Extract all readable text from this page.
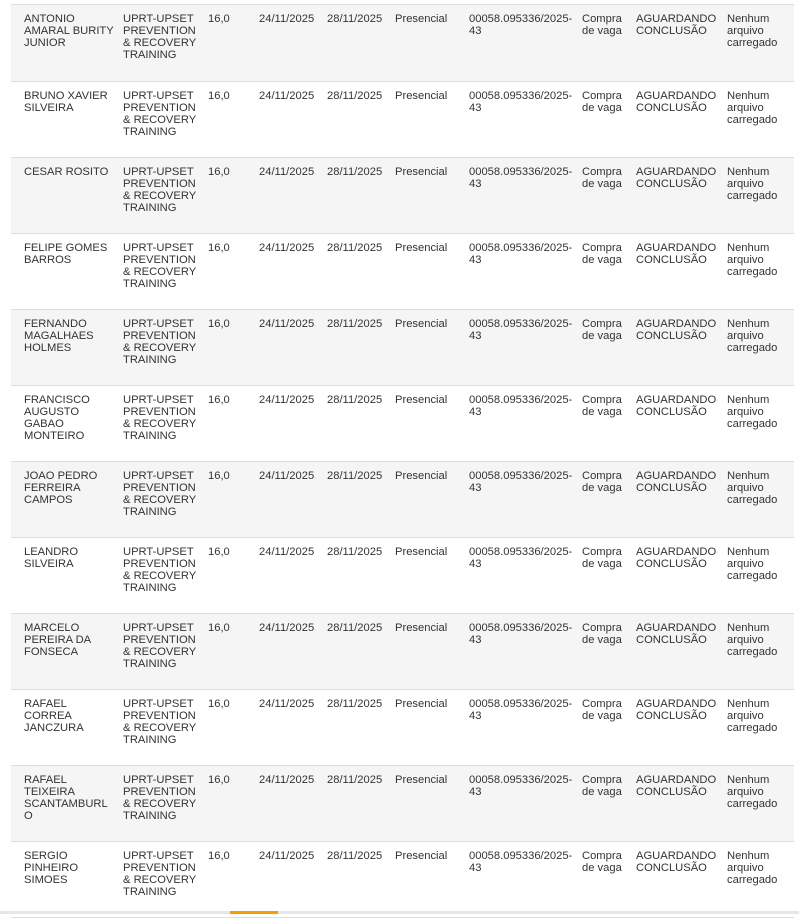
ANTONIO AMARAL BURITY JUNIOR	UPRT-UPSET PREVENTION & RECOVERY TRAINING	16,0	24/11/2025	28/11/2025	Presencial	00058.095336/2025-43	Compra de vaga	AGUARDANDO CONCLUSÃO	Nenhum arquivo carregado
BRUNO XAVIER SILVEIRA	UPRT-UPSET PREVENTION & RECOVERY TRAINING	16,0	24/11/2025	28/11/2025	Presencial	00058.095336/2025-43	Compra de vaga	AGUARDANDO CONCLUSÃO	Nenhum arquivo carregado
CESAR ROSITO	UPRT-UPSET PREVENTION & RECOVERY TRAINING	16,0	24/11/2025	28/11/2025	Presencial	00058.095336/2025-43	Compra de vaga	AGUARDANDO CONCLUSÃO	Nenhum arquivo carregado
FELIPE GOMES BARROS	UPRT-UPSET PREVENTION & RECOVERY TRAINING	16,0	24/11/2025	28/11/2025	Presencial	00058.095336/2025-43	Compra de vaga	AGUARDANDO CONCLUSÃO	Nenhum arquivo carregado
FERNANDO MAGALHAES HOLMES	UPRT-UPSET PREVENTION & RECOVERY TRAINING	16,0	24/11/2025	28/11/2025	Presencial	00058.095336/2025-43	Compra de vaga	AGUARDANDO CONCLUSÃO	Nenhum arquivo carregado
FRANCISCO AUGUSTO GABAO MONTEIRO	UPRT-UPSET PREVENTION & RECOVERY TRAINING	16,0	24/11/2025	28/11/2025	Presencial	00058.095336/2025-43	Compra de vaga	AGUARDANDO CONCLUSÃO	Nenhum arquivo carregado
JOAO PEDRO FERREIRA CAMPOS	UPRT-UPSET PREVENTION & RECOVERY TRAINING	16,0	24/11/2025	28/11/2025	Presencial	00058.095336/2025-43	Compra de vaga	AGUARDANDO CONCLUSÃO	Nenhum arquivo carregado
LEANDRO SILVEIRA	UPRT-UPSET PREVENTION & RECOVERY TRAINING	16,0	24/11/2025	28/11/2025	Presencial	00058.095336/2025-43	Compra de vaga	AGUARDANDO CONCLUSÃO	Nenhum arquivo carregado
MARCELO PEREIRA DA FONSECA	UPRT-UPSET PREVENTION & RECOVERY TRAINING	16,0	24/11/2025	28/11/2025	Presencial	00058.095336/2025-43	Compra de vaga	AGUARDANDO CONCLUSÃO	Nenhum arquivo carregado
RAFAEL CORREA JANCZURA	UPRT-UPSET PREVENTION & RECOVERY TRAINING	16,0	24/11/2025	28/11/2025	Presencial	00058.095336/2025-43	Compra de vaga	AGUARDANDO CONCLUSÃO	Nenhum arquivo carregado
RAFAEL TEIXEIRA SCANTAMBURLO	UPRT-UPSET PREVENTION & RECOVERY TRAINING	16,0	24/11/2025	28/11/2025	Presencial	00058.095336/2025-43	Compra de vaga	AGUARDANDO CONCLUSÃO	Nenhum arquivo carregado
SERGIO PINHEIRO SIMOES	UPRT-UPSET PREVENTION & RECOVERY TRAINING	16,0	24/11/2025	28/11/2025	Presencial	00058.095336/2025-43	Compra de vaga	AGUARDANDO CONCLUSÃO	Nenhum arquivo carregado
